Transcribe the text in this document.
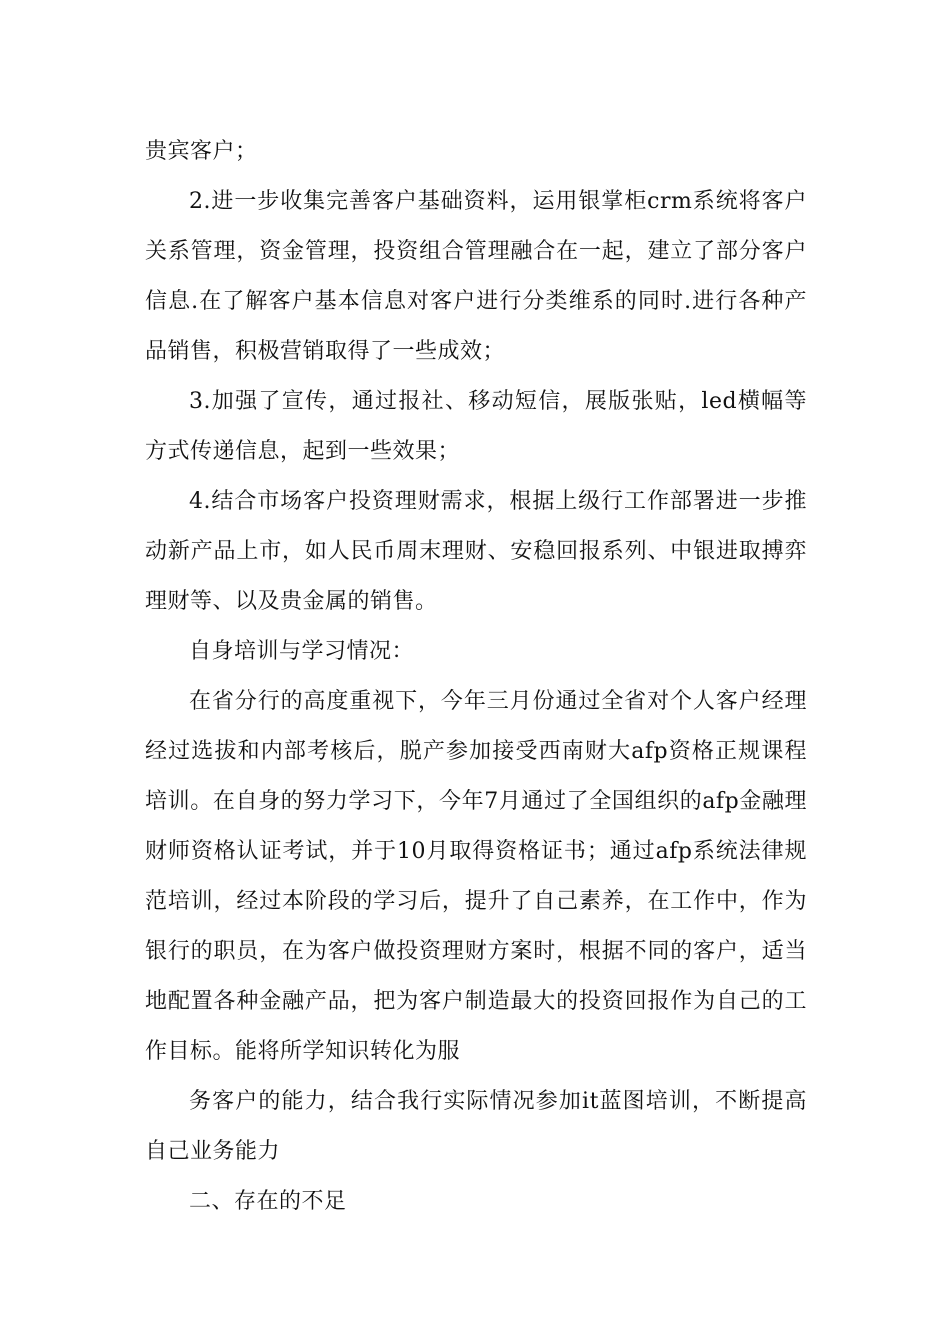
贵宾客户；

2.进一步收集完善客户基础资料，运用银掌柜crm系统将客户关系管理，资金管理，投资组合管理融合在一起，建立了部分客户信息.在了解客户基本信息对客户进行分类维系的同时.进行各种产品销售，积极营销取得了一些成效；

3.加强了宣传，通过报社、移动短信，展版张贴，led横幅等方式传递信息，起到一些效果；

4.结合市场客户投资理财需求，根据上级行工作部署进一步推动新产品上市，如人民币周末理财、安稳回报系列、中银进取搏弈理财等、以及贵金属的销售。

自身培训与学习情况：

在省分行的高度重视下，今年三月份通过全省对个人客户经理经过选拔和内部考核后，脱产参加接受西南财大afp资格正规课程培训。在自身的努力学习下，今年7月通过了全国组织的afp金融理财师资格认证考试，并于10月取得资格证书；通过afp系统法律规范培训，经过本阶段的学习后，提升了自己素养，在工作中，作为银行的职员，在为客户做投资理财方案时，根据不同的客户，适当地配置各种金融产品，把为客户制造最大的投资回报作为自己的工作目标。能将所学知识转化为服

务客户的能力，结合我行实际情况参加it蓝图培训，不断提高自己业务能力

二、存在的不足
